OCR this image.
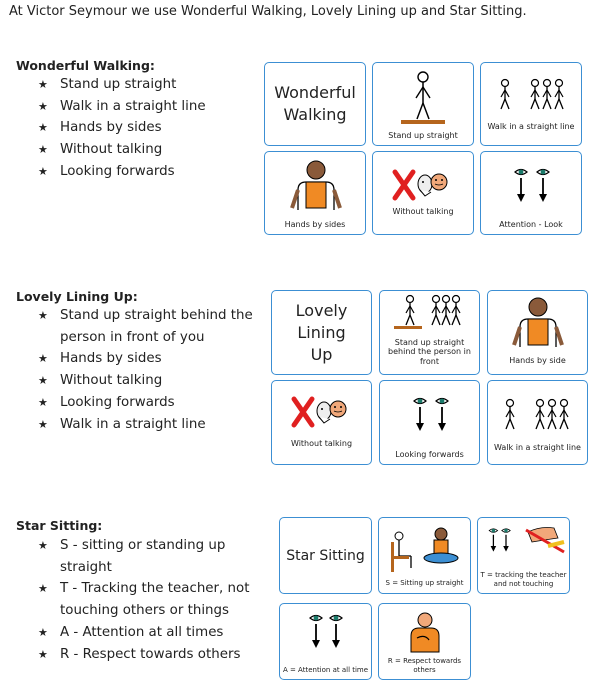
At Victor Seymour we use Wonderful Walking, Lovely Lining up and Star Sitting.
Wonderful Walking:
★ Stand up straight
★ Walk in a straight line
★ Hands by sides
★ Without talking
★ Looking forwards
Wonderful Walking
Stand up straight
Walk in a straight line
Hands by sides
Without talking
Attention - Look
Lovely Lining Up:
★ Stand up straight behind the person in front of you
★ Hands by sides
★ Without talking
★ Looking forwards
★ Walk in a straight line
Lovely Lining Up
Stand up straight behind the person in front	Hands by side
Without talking
Looking forwards
Walk in a straight line
Star Sitting:
★ S - sitting or standing up straight
★ T - Tracking the teacher, not touching others or things
★ A - Attention at all times
★ R - Respect towards others
Star Sitting
S = Sitting up straight
T = tracking the teacher and not touching
A = Attention at all time
R = Respect towards others
